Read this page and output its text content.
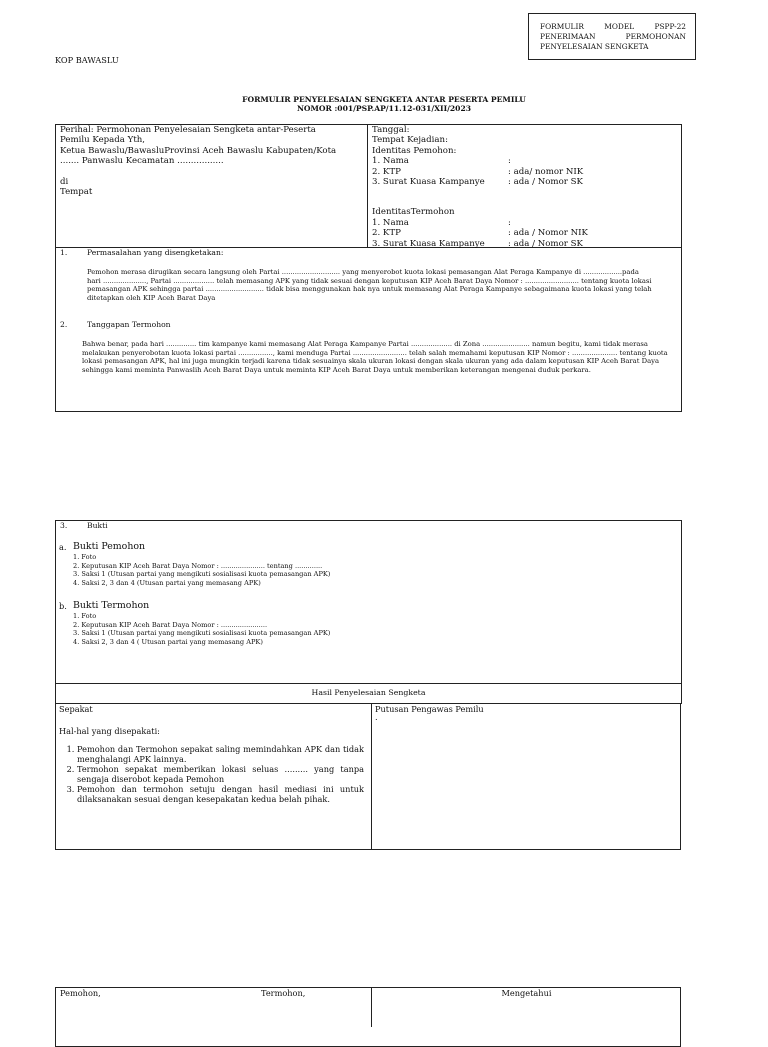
FORMULIR	MODEL	PSPP-22
PENERIMAAN	PERMOHONAN
PENYELESAIAN SENGKETA
KOP BAWASLU
FORMULIR PENYELESAIAN SENGKETA ANTAR PESERTA PEMILU
NOMOR :001/PSP.AP/11.12-031/XII/2023
Perihal: Permohonan Penyelesaian Sengketa antar-Peserta
Pemilu Kepada Yth,
Ketua Bawaslu/BawasluProvinsi Aceh Bawaslu Kabupaten/Kota
....... Panwaslu Kecamatan .................
di
Tempat
Tanggal:
Tempat Kejadian:
Identitas Pemohon:
1. Nama	:
2. KTP	: ada/ nomor NIK
3. Surat Kuasa Kampanye	: ada / Nomor SK
IdentitasTermohon
1. Nama	:
2. KTP	: ada / Nomor NIK
3. Surat Kuasa Kampanye	: ada / Nomor SK
1.	Permasalahan yang disengketakan:
Pemohon merasa dirugikan secara langsung oleh Partai ........................... yang menyerobot kuota lokasi pemasangan Alat Peraga Kampanye di ..................pada
hari ...................., Partai ................... telah memasang APK yang tidak sesuai dengan keputusan KIP Aceh Barat Daya Nomor : ......................... tentang kuota lokasi
pemasangan APK sehingga partai ........................... tidak bisa menggunakan hak nya untuk memasang Alat Peraga Kampanye sebagaimana kuota lokasi yang telah
ditetapkan oleh KIP Aceh Barat Daya
2.	Tanggapan Termohon
Bahwa benar, pada hari .............. tim kampanye kami memasang Alat Peraga Kampanye Partai ................... di Zona ...................... namun begitu, kami tidak merasa
melakukan penyerobotan kuota lokasi partai ................, kami menduga Partai ......................... telah salah memahami keputusan KIP Nomor : ..................... tentang kuota
lokasi pemasangan APK, hal ini juga mungkin terjadi karena tidak sesuainya skala ukuran lokasi dengan skala ukuran yang ada dalam keputusan KIP Aceh Barat Daya
sehingga kami meminta Panwaslih Aceh Barat Daya untuk meminta KIP Aceh Barat Daya untuk memberikan keterangan mengenai duduk perkara.
3.	Bukti
a. Bukti Pemohon
1. Foto
2. Keputusan KIP Aceh Barat Daya Nomor : ..................... tentang .............
3. Saksi 1 (Utusan partai yang mengikuti sosialisasi kuota pemasangan APK)
4. Saksi 2, 3 dan 4 (Utusan partai yang memasang APK)
b. Bukti Termohon
1. Foto
2. Keputusan KIP Aceh Barat Daya Nomor : ......................
3. Saksi 1 (Utusan partai yang mengikuti sosialisasi kuota pemasangan APK)
4. Saksi 2, 3 dan 4 ( Utusan partai yang memasang APK)
Hasil Penyelesaian Sengketa
Sepakat
Hal-hal yang disepakati:
1. Pemohon dan Termohon sepakat saling memindahkan APK dan tidak menghalangi APK lainnya.
2. Termohon sepakat memberikan lokasi seluas ......... yang tanpa sengaja diserobot kepada Pemohon
3. Pemohon dan termohon setuju dengan hasil mediasi ini untuk dilaksanakan sesuai dengan kesepakatan kedua belah pihak.
Putusan Pengawas Pemilu
.
Pemohon,	Termohon,	Mengetahui
